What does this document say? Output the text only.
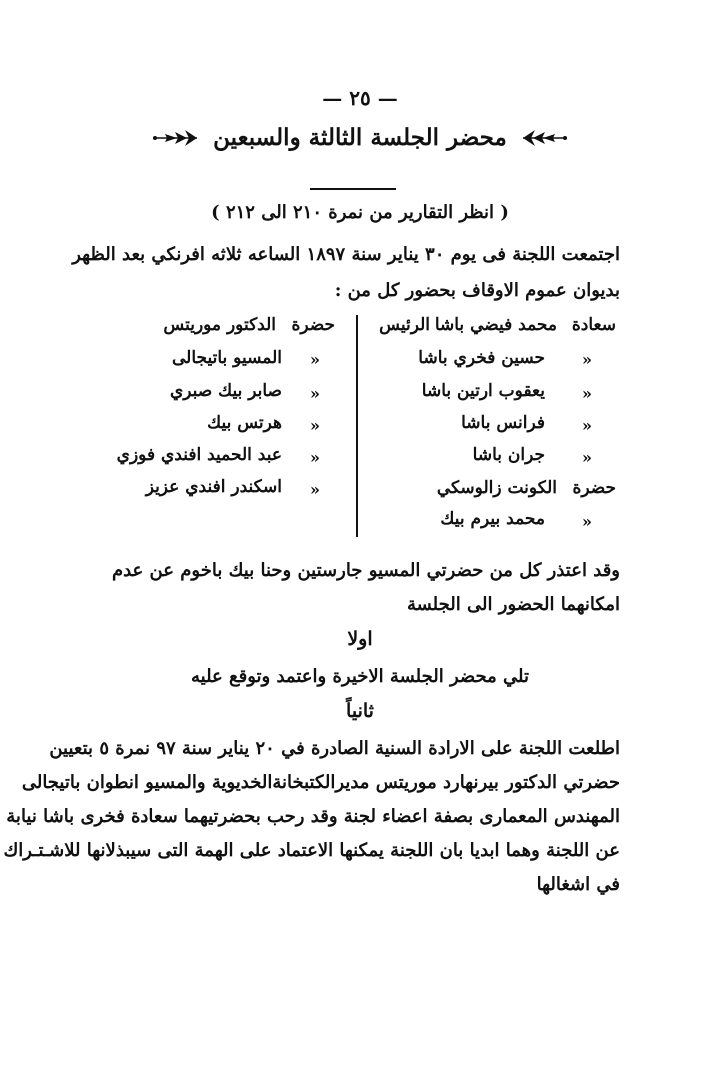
— ٢٥ —
محضر الجلسة الثالثة والسبعين
( انظر التقارير من نمرة ٢١٠ الى ٢١٢ )
اجتمعت اللجنة فى يوم ٣٠ يناير سنة ١٨٩٧ الساعه ثلاثه افرنكي بعد الظهر
بديوان عموم الاوقاف بحضور كل من :
سعادة
محمد فيضي باشا
الرئيس
«
حسين فخري باشا
«
يعقوب ارتين باشا
«
فرانس باشا
«
جران باشا
حضرة
الكونت زالوسكي
«
محمد بيرم بيك
حضرة
الدكتور موريتس
«
المسيو باتيجالى
«
صابر بيك صبري
«
هرتس بيك
«
عبد الحميد افندي فوزي
«
اسكندر افندي عزيز
وقد اعتذر كل من حضرتي المسيو جارستين وحنا بيك باخوم عن عدم
امكانهما الحضور الى الجلسة
اولا
تلي محضر الجلسة الاخيرة واعتمد وتوقع عليه
ثانياً
اطلعت اللجنة على الارادة السنية الصادرة في ٢٠ يناير سنة ٩٧ نمرة ٥ بتعيين
حضرتي الدكتور بيرنهارد موريتس مديرالكتبخانةالخديوية والمسيو انطوان باتيجالى
المهندس المعمارى بصفة اعضاء لجنة وقد رحب بحضرتيهما سعادة فخرى باشا نيابة
عن اللجنة وهما ابديا بان اللجنة يمكنها الاعتماد على الهمة التى سيبذلانها للاشـتـراك
في اشغالها
